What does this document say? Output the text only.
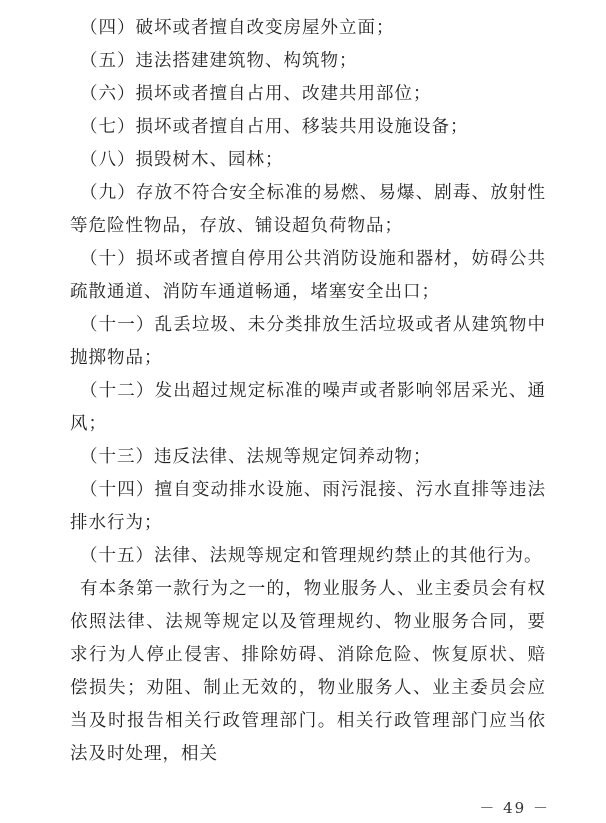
（四）破坏或者擅自改变房屋外立面；

（五）违法搭建建筑物、构筑物；

（六）损坏或者擅自占用、改建共用部位；

（七）损坏或者擅自占用、移装共用设施设备；

（八）损毁树木、园林；

（九）存放不符合安全标准的易燃、易爆、剧毒、放射性等危险性物品，存放、铺设超负荷物品；

（十）损坏或者擅自停用公共消防设施和器材，妨碍公共疏散通道、消防车通道畅通，堵塞安全出口；

（十一）乱丢垃圾、未分类排放生活垃圾或者从建筑物中抛掷物品；

（十二）发出超过规定标准的噪声或者影响邻居采光、通风；

（十三）违反法律、法规等规定饲养动物；

（十四）擅自变动排水设施、雨污混接、污水直排等违法排水行为；

（十五）法律、法规等规定和管理规约禁止的其他行为。

有本条第一款行为之一的，物业服务人、业主委员会有权依照法律、法规等规定以及管理规约、物业服务合同，要求行为人停止侵害、排除妨碍、消除危险、恢复原状、赔偿损失；劝阻、制止无效的，物业服务人、业主委员会应当及时报告相关行政管理部门。相关行政管理部门应当依法及时处理，相关

－ 49 －
